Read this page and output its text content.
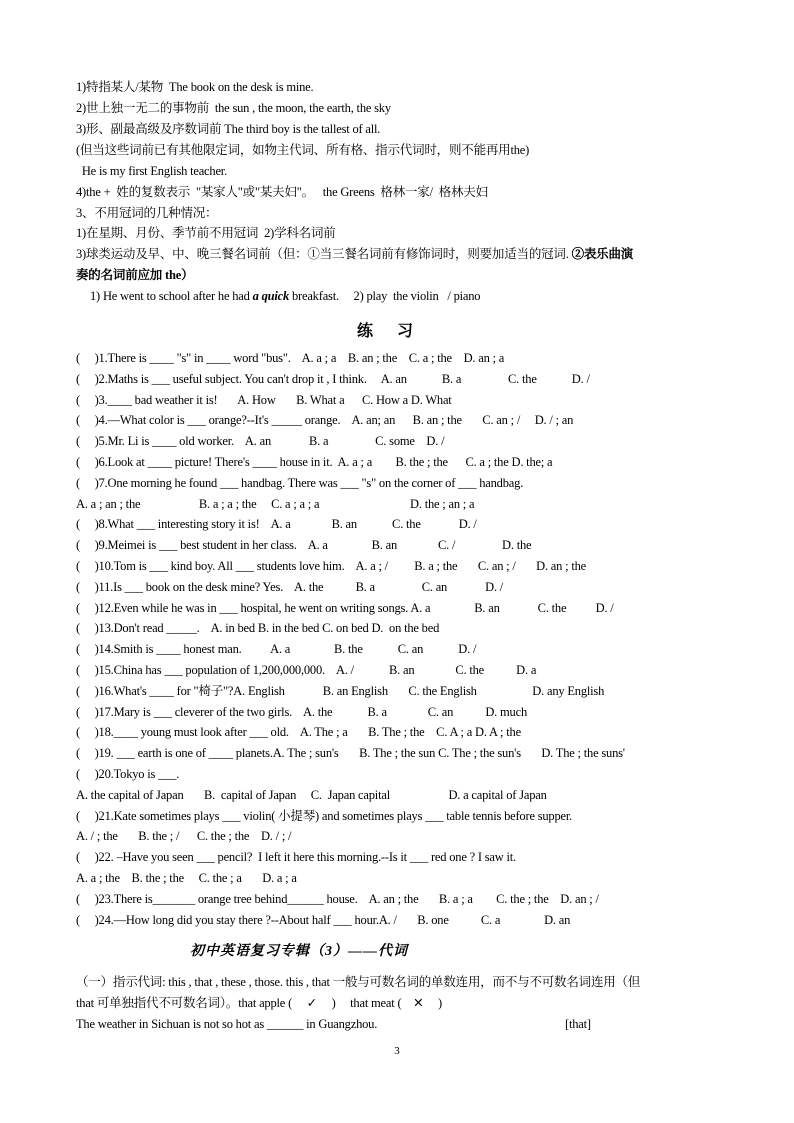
1)特指某人/某物  The book on the desk is mine.
2)世上独一无二的事物前  the sun , the moon, the earth, the sky
3)形、副最高级及序数词前 The third boy is the tallest of all.
(但当这些词前已有其他限定词，如物主代词、所有格、指示代词时，则不能再用the)
He is my first English teacher.
4)the +  姓的复数表示  "某家人"或"某夫妇"。   the Greens  格林一家/  格林夫妇
3、不用冠词的几种情况：
1)在星期、月份、季节前不用冠词  2)学科名词前
3)球类运动及早、中、晚三餐名词前（但：①当三餐名词前有修饰词时，则要加适当的冠词. ②表乐曲演
奏的名词前应加 the）
1) He went to school after he had a quick breakfast.     2) play  the violin   / piano
练习
(     )1.There is ____ "s" in ____ word "bus".    A. a ; a    B. an ; the    C. a ; the    D. an ; a
(     )2.Maths is ___ useful subject. You can't drop it , I think.     A. an            B. a                C. the            D. /
(     )3.____ bad weather it is!       A. How       B. What a      C. How a D. What
(     )4.—What color is ___ orange?--It's _____ orange.    A. an; an      B. an ; the       C. an ; /     D. / ; an
(     )5.Mr. Li is ____ old worker.    A. an             B. a                C. some    D. /
(     )6.Look at ____ picture! There's ____ house in it.  A. a ; a        B. the ; the      C. a ; the D. the; a
(     )7.One morning he found ___ handbag. There was ___ "s" on the corner of ___ handbag.
A. a ; an ; the                    B. a ; a ; the     C. a ; a ; a                               D. the ; an ; a
(     )8.What ___ interesting story it is!    A. a              B. an            C. the             D. /
(     )9.Meimei is ___ best student in her class.    A. a               B. an              C. /                D. the
(     )10.Tom is ___ kind boy. All ___ students love him.    A. a ; /         B. a ; the       C. an ; /       D. an ; the
(     )11.Is ___ book on the desk mine? Yes.    A. the           B. a                C. an             D. /
(     )12.Even while he was in ___ hospital, he went on writing songs. A. a               B. an             C. the          D. /
(     )13.Don't read _____.    A. in bed B. in the bed C. on bed D.  on the bed
(     )14.Smith is ____ honest man.          A. a               B. the            C. an            D. /
(     )15.China has ___ population of 1,200,000,000.    A. /            B. an              C. the           D. a
(     )16.What's ____ for "椅子"?A. English             B. an English       C. the English                   D. any English
(     )17.Mary is ___ cleverer of the two girls.    A. the            B. a              C. an           D. much
(     )18.____ young must look after ___ old.    A. The ; a       B. The ; the    C. A ; a D. A ; the
(     )19. ___ earth is one of ____ planets.A. The ; sun's       B. The ; the sun C. The ; the sun's       D. The ; the suns'
(     )20.Tokyo is ___.
A. the capital of Japan       B.  capital of Japan     C.  Japan capital                    D. a capital of Japan
(     )21.Kate sometimes plays ___ violin( 小提琴) and sometimes plays ___ table tennis before supper.
A. / ; the       B. the ; /      C. the ; the    D. / ; /
(     )22. –Have you seen ___ pencil?  I left it here this morning.--Is it ___ red one ? I saw it.
A. a ; the    B. the ; the     C. the ; a       D. a ; a
(     )23.There is_______ orange tree behind______ house.    A. an ; the       B. a ; a        C. the ; the    D. an ; /
(     )24.—How long did you stay there ?--About half ___ hour.A. /       B. one           C. a               D. an
初中英语复习专辑（3）——代词
（一）指示代词: this , that , these , those. this , that 一般与可数名词的单数连用，而不与不可数名词连用（但
that 可单独指代不可数名词）。that apple (     ✓     )     that meat (    ✕     )
The weather in Sichuan is not so hot as ______ in Guangzhou.	[that]
3
